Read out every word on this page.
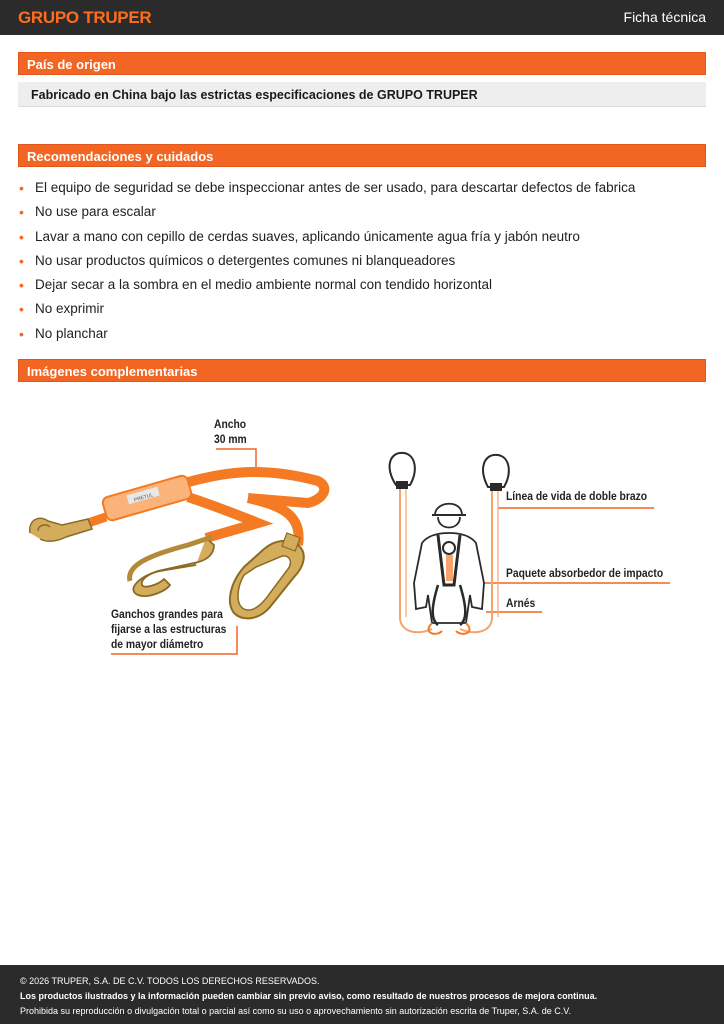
GRUPO TRUPER	Ficha técnica
País de origen
Fabricado en China bajo las estrictas especificaciones de GRUPO TRUPER
Recomendaciones y cuidados
• El equipo de seguridad se debe inspeccionar antes de ser usado, para descartar defectos de fabrica
• No use para escalar
• Lavar a mano con cepillo de cerdas suaves, aplicando únicamente agua fría y jabón neutro
• No usar productos químicos o detergentes comunes ni blanqueadores
• Dejar secar a la sombra en el medio ambiente normal con tendido horizontal
• No exprimir
• No planchar
Imágenes complementarias
PRETUL
Ancho
30 mm
Ganchos grandes para
fijarse a las estructuras
de mayor diámetro
Línea de vida de doble brazo
Paquete absorbedor de impacto
Arnés
© 2026 TRUPER, S.A. DE C.V. TODOS LOS DERECHOS RESERVADOS.
Los productos ilustrados y la información pueden cambiar sin previo aviso, como resultado de nuestros procesos de mejora continua.
Prohibida su reproducción o divulgación total o parcial así como su uso o aprovechamiento sin autorización escrita de Truper, S.A. de C.V.
